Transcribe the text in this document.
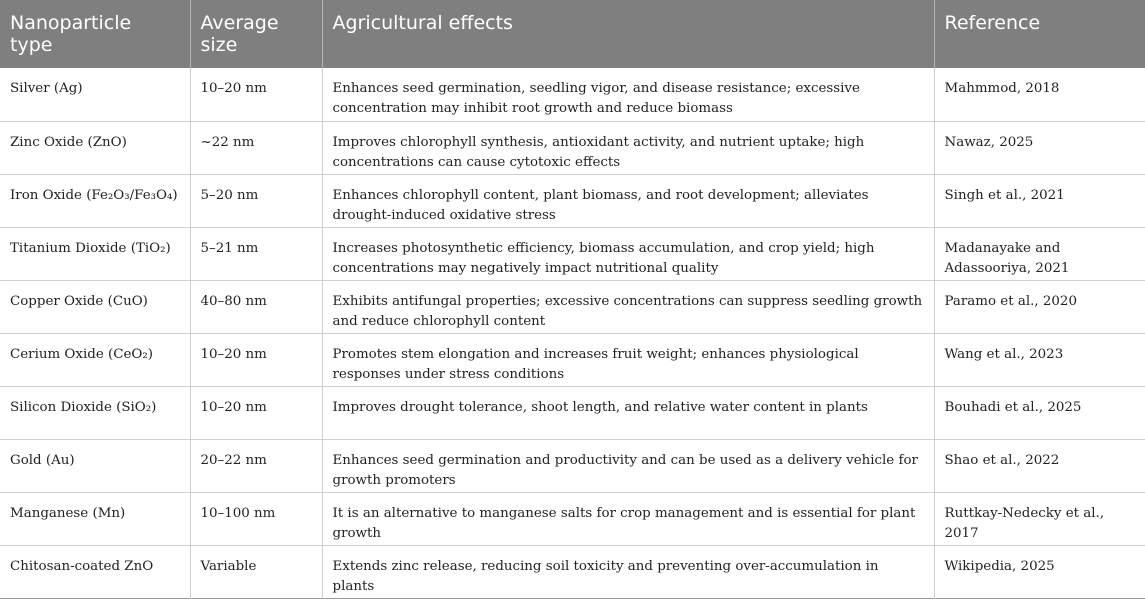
Nanoparticle type	Average size	Agricultural effects	Reference
Silver (Ag)	10–20 nm	Enhances seed germination, seedling vigor, and disease resistance; excessive concentration may inhibit root growth and reduce biomass	Mahmmod, 2018
Zinc Oxide (ZnO)	~22 nm	Improves chlorophyll synthesis, antioxidant activity, and nutrient uptake; high concentrations can cause cytotoxic effects	Nawaz, 2025
Iron Oxide (Fe₂O₃/Fe₃O₄)	5–20 nm	Enhances chlorophyll content, plant biomass, and root development; alleviates drought-induced oxidative stress	Singh et al., 2021
Titanium Dioxide (TiO₂)	5–21 nm	Increases photosynthetic efficiency, biomass accumulation, and crop yield; high concentrations may negatively impact nutritional quality	Madanayake and Adassooriya, 2021
Copper Oxide (CuO)	40–80 nm	Exhibits antifungal properties; excessive concentrations can suppress seedling growth and reduce chlorophyll content	Paramo et al., 2020
Cerium Oxide (CeO₂)	10–20 nm	Promotes stem elongation and increases fruit weight; enhances physiological responses under stress conditions	Wang et al., 2023
Silicon Dioxide (SiO₂)	10–20 nm	Improves drought tolerance, shoot length, and relative water content in plants	Bouhadi et al., 2025
Gold (Au)	20–22 nm	Enhances seed germination and productivity and can be used as a delivery vehicle for growth promoters	Shao et al., 2022
Manganese (Mn)	10–100 nm	It is an alternative to manganese salts for crop management and is essential for plant growth	Ruttkay-Nedecky et al., 2017
Chitosan-coated ZnO	Variable	Extends zinc release, reducing soil toxicity and preventing over-accumulation in plants	Wikipedia, 2025
